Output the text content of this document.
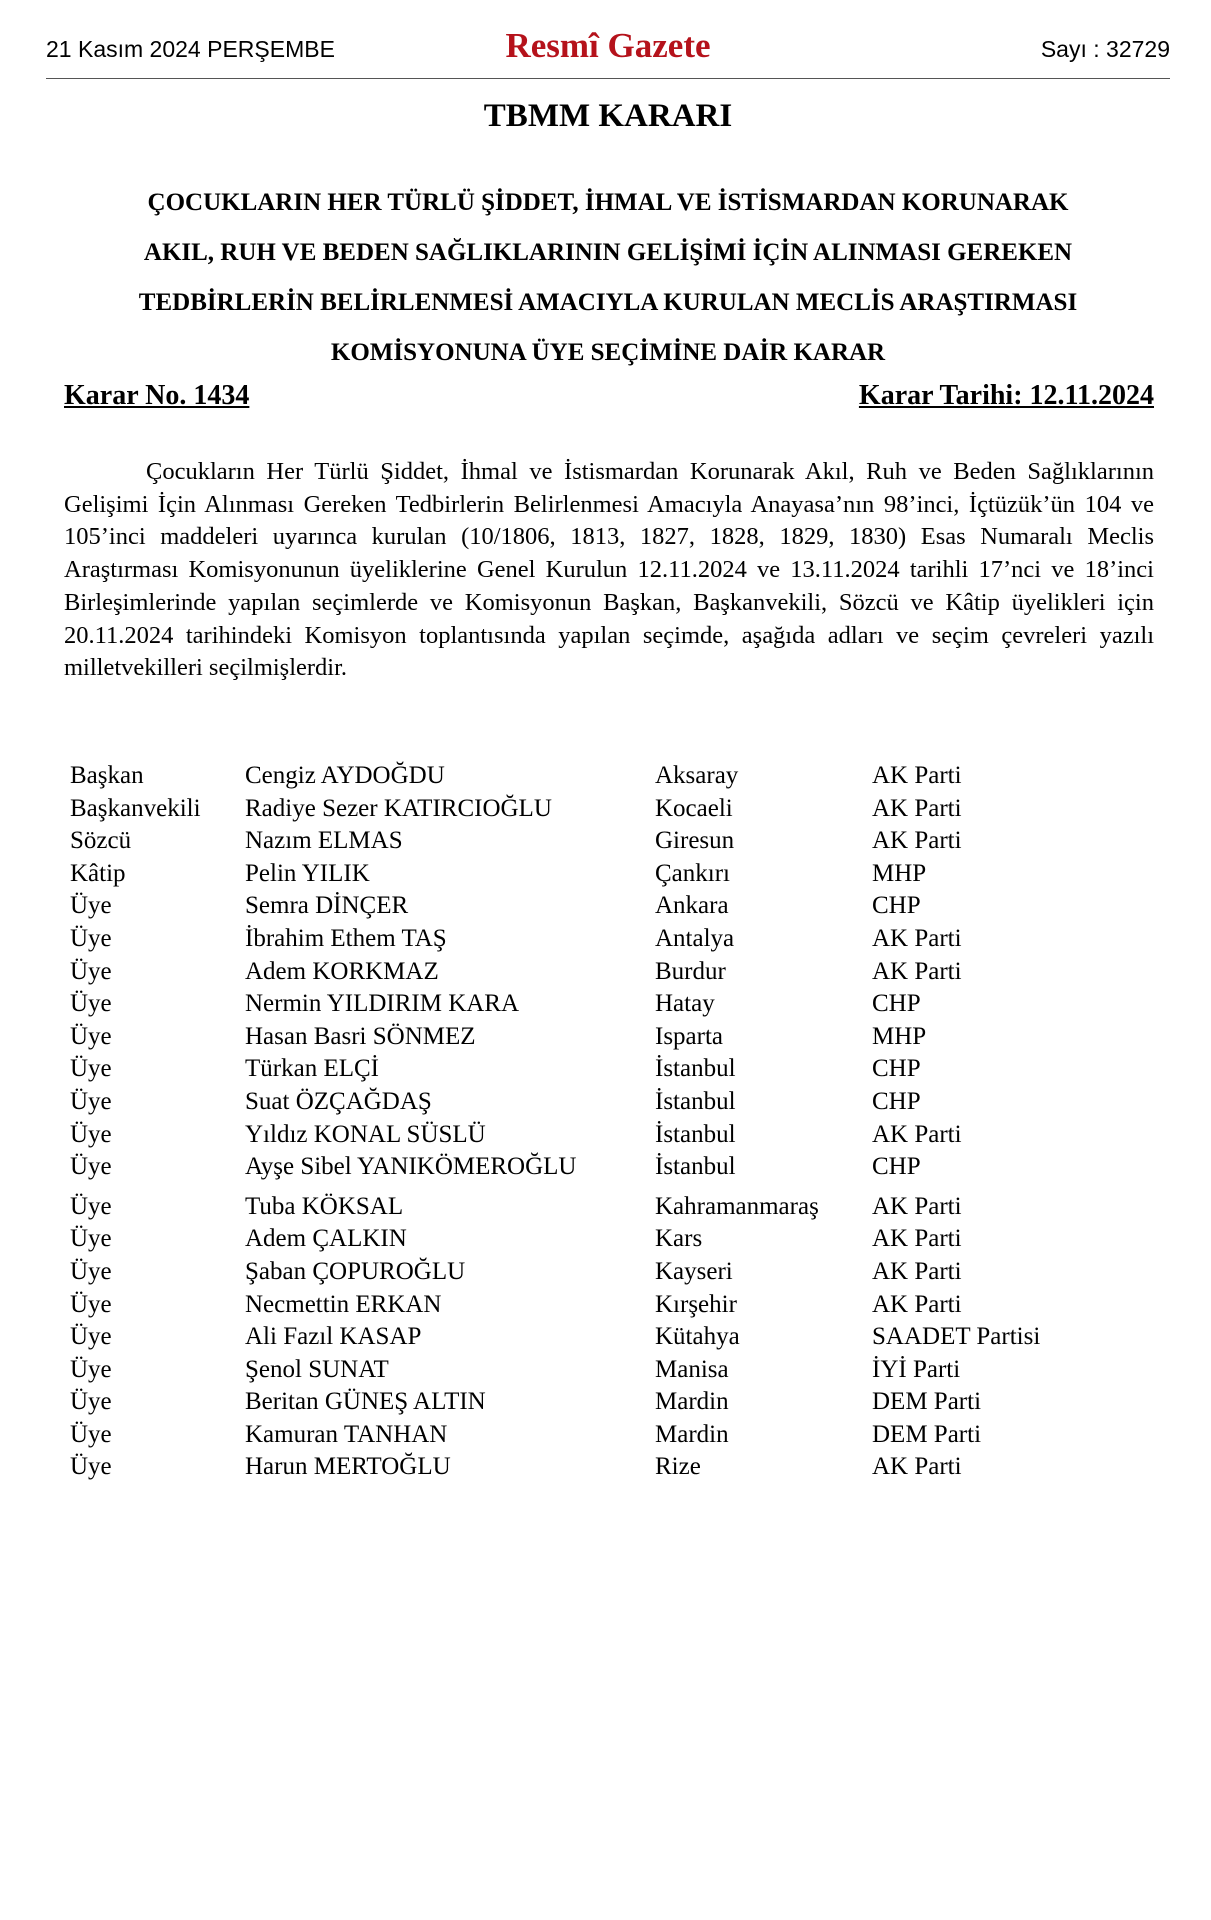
21 Kasım 2024 PERŞEMBE	Resmî Gazete	Sayı : 32729
TBMM KARARI
ÇOCUKLARIN HER TÜRLÜ ŞİDDET, İHMAL VE İSTİSMARDAN KORUNARAK
AKIL, RUH VE BEDEN SAĞLIKLARININ GELİŞİMİ İÇİN ALINMASI GEREKEN
TEDBİRLERİN BELİRLENMESİ AMACIYLA KURULAN MECLİS ARAŞTIRMASI
KOMİSYONUNA ÜYE SEÇİMİNE DAİR KARAR
Karar No. 1434	Karar Tarihi: 12.11.2024
Çocukların Her Türlü Şiddet, İhmal ve İstismardan Korunarak Akıl, Ruh ve Beden Sağlıklarının Gelişimi İçin Alınması Gereken Tedbirlerin Belirlenmesi Amacıyla Anayasa’nın 98’inci, İçtüzük’ün 104 ve 105’inci maddeleri uyarınca kurulan (10/1806, 1813, 1827, 1828, 1829, 1830) Esas Numaralı Meclis Araştırması Komisyonunun üyeliklerine Genel Kurulun 12.11.2024 ve 13.11.2024 tarihli 17’nci ve 18’inci Birleşimlerinde yapılan seçimlerde ve Komisyonun Başkan, Başkanvekili, Sözcü ve Kâtip üyelikleri için 20.11.2024 tarihindeki Komisyon toplantısında yapılan seçimde, aşağıda adları ve seçim çevreleri yazılı milletvekilleri seçilmişlerdir.
Başkan	Cengiz AYDOĞDU	Aksaray	AK Parti
Başkanvekili Radiye Sezer KATIRCIOĞLU	Kocaeli	AK Parti
Sözcü	Nazım ELMAS	Giresun	AK Parti
Kâtip	Pelin YILIK	Çankırı	MHP
Üye	Semra DİNÇER	Ankara	CHP
Üye	İbrahim Ethem TAŞ	Antalya	AK Parti
Üye	Adem KORKMAZ	Burdur	AK Parti
Üye	Nermin YILDIRIM KARA	Hatay	CHP
Üye	Hasan Basri SÖNMEZ	Isparta	MHP
Üye	Türkan ELÇİ	İstanbul	CHP
Üye	Suat ÖZÇAĞDAŞ	İstanbul	CHP
Üye	Yıldız KONAL SÜSLÜ	İstanbul	AK Parti
Üye	Ayşe Sibel YANIKÖMEROĞLU	İstanbul	CHP
Üye	Tuba KÖKSAL	Kahramanmaraş AK Parti
Üye	Adem ÇALKIN	Kars	AK Parti
Üye	Şaban ÇOPUROĞLU	Kayseri	AK Parti
Üye	Necmettin ERKAN	Kırşehir	AK Parti
Üye	Ali Fazıl KASAP	Kütahya	SAADET Partisi
Üye	Şenol SUNAT	Manisa	İYİ Parti
Üye	Beritan GÜNEŞ ALTIN	Mardin	DEM Parti
Üye	Kamuran TANHAN	Mardin	DEM Parti
Üye	Harun MERTOĞLU	Rize	AK Parti
